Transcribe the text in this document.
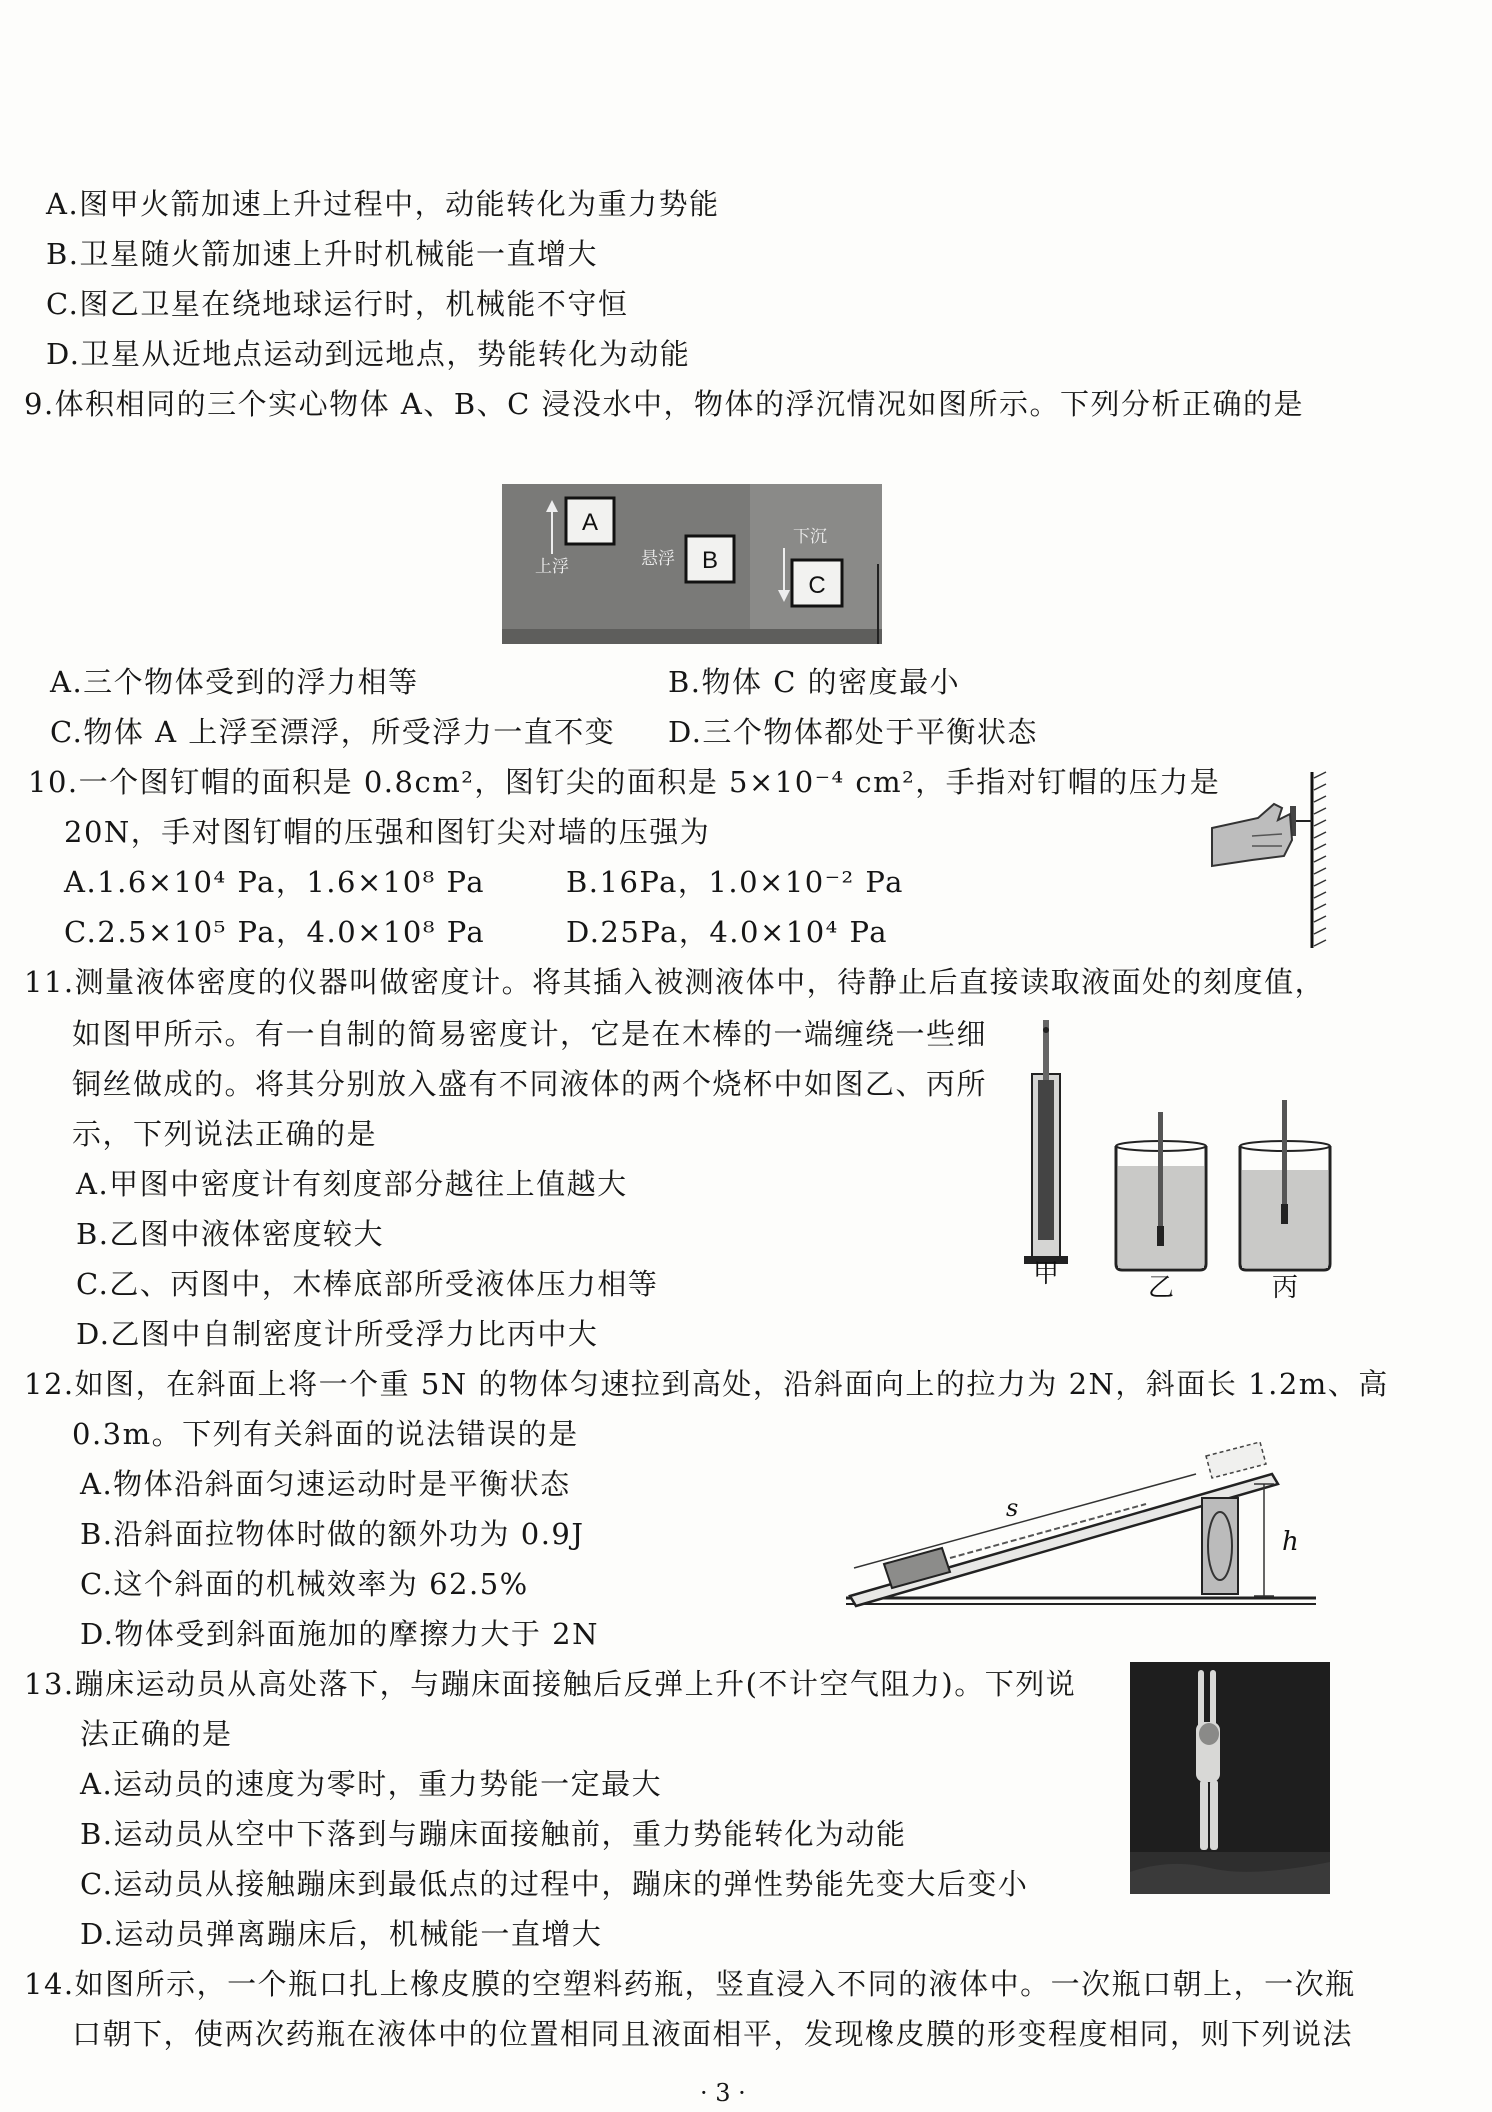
A.图甲火箭加速上升过程中，动能转化为重力势能
B.卫星随火箭加速上升时机械能一直增大
C.图乙卫星在绕地球运行时，机械能不守恒
D.卫星从近地点运动到远地点，势能转化为动能
9.体积相同的三个实心物体 A、B、C 浸没水中，物体的浮沉情况如图所示。下列分析正确的是
A
上浮	B
悬浮
C
下沉
A.三个物体受到的浮力相等	B.物体 C 的密度最小
C.物体 A 上浮至漂浮，所受浮力一直不变 D.三个物体都处于平衡状态
10.一个图钉帽的面积是 0.8cm²，图钉尖的面积是 5×10⁻⁴ cm²，手指对钉帽的压力是
20N，手对图钉帽的压强和图钉尖对墙的压强为
A.1.6×10⁴ Pa，1.6×10⁸ Pa	B.16Pa，1.0×10⁻² Pa
C.2.5×10⁵ Pa，4.0×10⁸ Pa	D.25Pa，4.0×10⁴ Pa
11.测量液体密度的仪器叫做密度计。将其插入被测液体中，待静止后直接读取液面处的刻度值，
如图甲所示。有一自制的简易密度计，它是在木棒的一端缠绕一些细
铜丝做成的。将其分别放入盛有不同液体的两个烧杯中如图乙、丙所
示，下列说法正确的是
A.甲图中密度计有刻度部分越往上值越大
B.乙图中液体密度较大
C.乙、丙图中，木棒底部所受液体压力相等
D.乙图中自制密度计所受浮力比丙中大
甲	乙	丙
12.如图，在斜面上将一个重 5N 的物体匀速拉到高处，沿斜面向上的拉力为 2N，斜面长 1.2m、高
0.3m。下列有关斜面的说法错误的是
A.物体沿斜面匀速运动时是平衡状态
B.沿斜面拉物体时做的额外功为 0.9J
C.这个斜面的机械效率为 62.5%
D.物体受到斜面施加的摩擦力大于 2N
s
h
13.蹦床运动员从高处落下，与蹦床面接触后反弹上升(不计空气阻力)。下列说
法正确的是
A.运动员的速度为零时，重力势能一定最大
B.运动员从空中下落到与蹦床面接触前，重力势能转化为动能
C.运动员从接触蹦床到最低点的过程中，蹦床的弹性势能先变大后变小
D.运动员弹离蹦床后，机械能一直增大
14.如图所示，一个瓶口扎上橡皮膜的空塑料药瓶，竖直浸入不同的液体中。一次瓶口朝上，一次瓶
口朝下，使两次药瓶在液体中的位置相同且液面相平，发现橡皮膜的形变程度相同，则下列说法
· 3 ·
